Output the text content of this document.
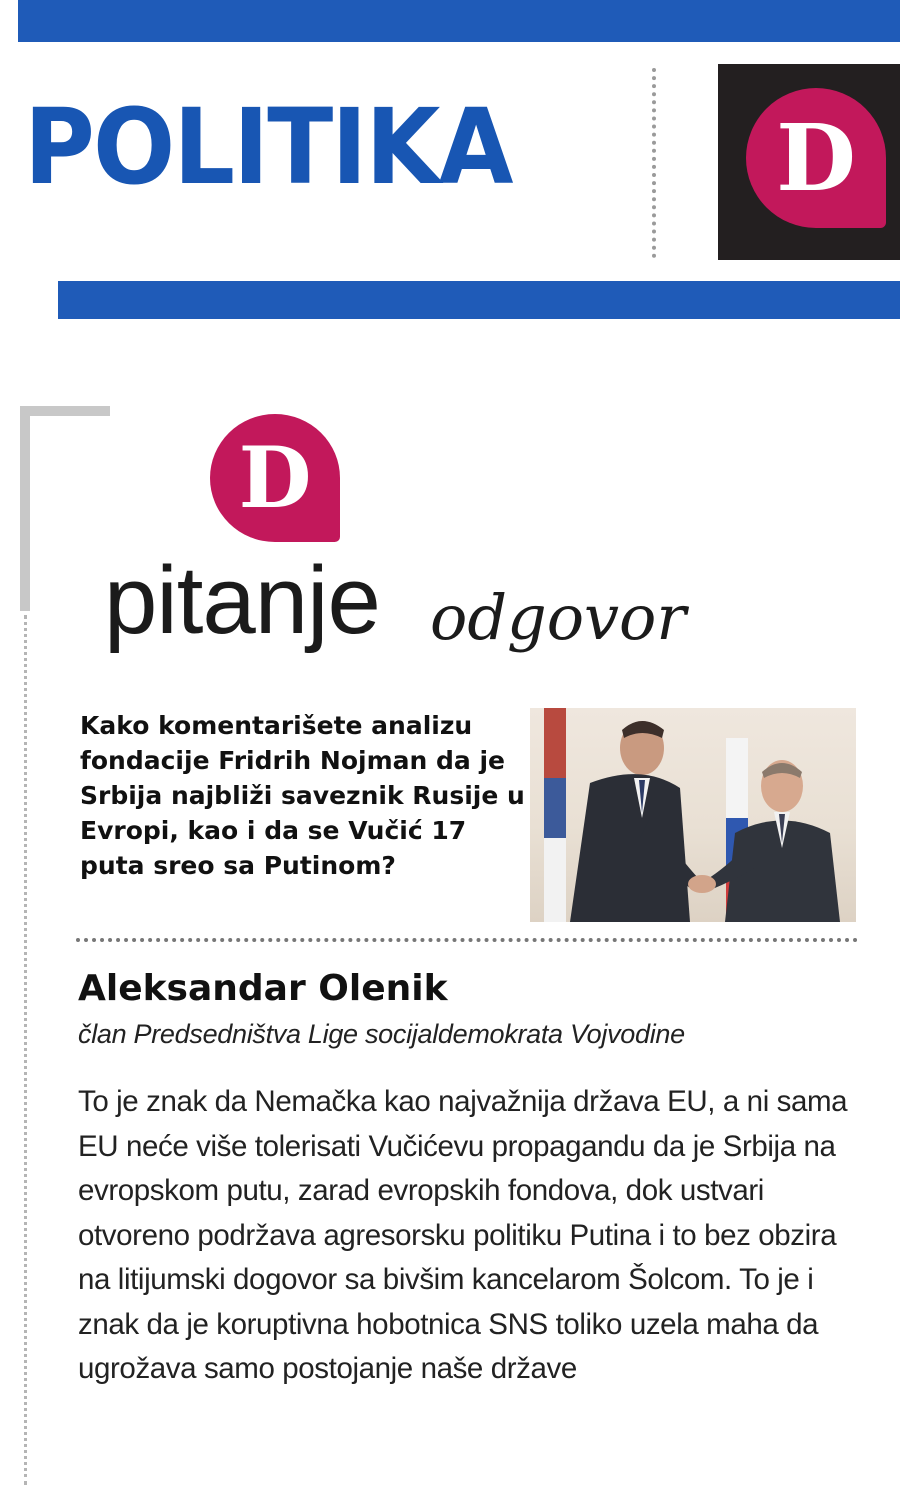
POLITIKA	D
D
pitanje odgovor

Kako komentarišete analizu fondacije Fridrih Nojman da je Srbija najbliži saveznik Rusije u Evropi, kao i da se Vučić 17 puta sreo sa Putinom?

Aleksandar Olenik

član Predsedništva Lige socijaldemokrata Vojvodine

To je znak da Nemačka kao najvažnija država EU, a ni sama EU neće više tolerisati Vučićevu propagandu da je Srbija na evropskom putu, zarad evropskih fondova, dok ustvari otvoreno podržava agresorsku politiku Putina i to bez obzira na litijumski dogovor sa bivšim kancelarom Šolcom. To je i znak da je koruptivna hobotnica SNS toliko uzela maha da ugrožava samo postojanje naše države
